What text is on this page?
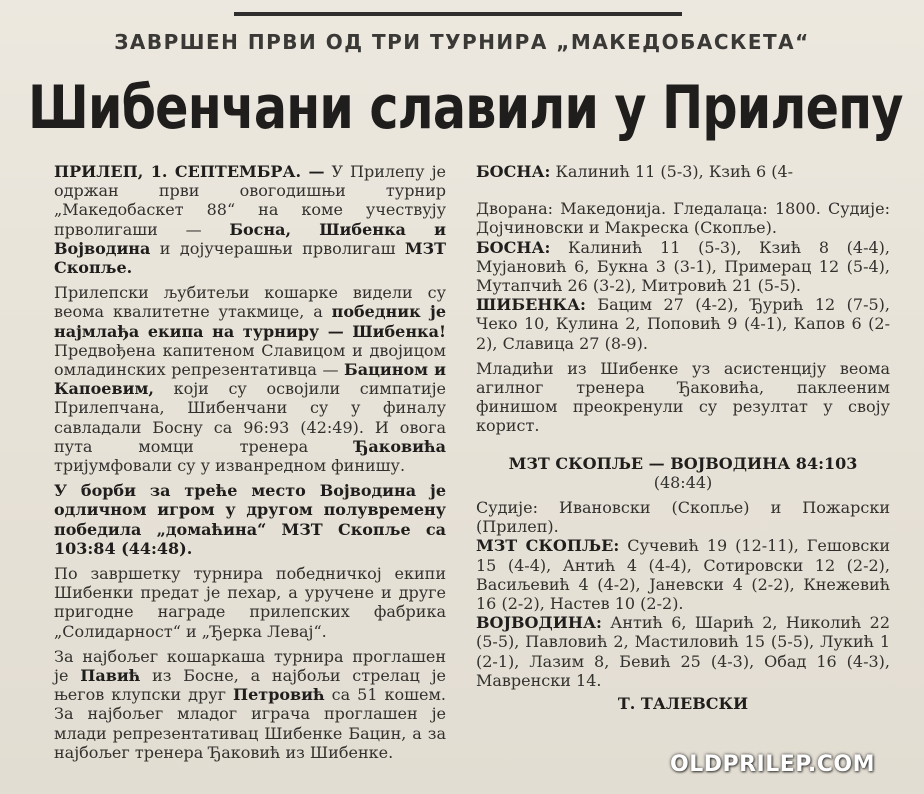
ЗАВРШЕН ПРВИ ОД ТРИ ТУРНИРА „МАКЕДОБАСКЕТА“
Шибенчани славили у Прилепу

ПРИЛЕП, 1. СЕПТЕМБРА. — У Прилепу је одржан први овогодишњи турнир „Македобаскет 88“ на коме учествују прволигаши — Босна, Шибенка и Војводина и дојучерашњи прволигаш МЗТ Скопље.

Прилепски љубитељи кошарке видели су веома квалитетне утакмице, а победник је најмлађа екипа на турниру — Шибенка! Предвођена капитеном Славицом и двојицом омладинских репрезентативца — Бацином и Капоевим, који су освојили симпатије Прилепчана, Шибенчани су у финалу савладали Босну са 96:93 (42:49). И овога пута момци тренера Ђаковића тријумфовали су у изванредном финишу.

У борби за треће место Војводина је одличном игром у другом полувремену победила „домаћина“ МЗТ Скопље са 103:84 (44:48).

По завршетку турнира победничкој екипи Шибенки предат је пехар, а уручене и друге пригодне награде прилепских фабрика „Солидарност“ и „Ђерка Левај“.

За најбољег кошаркаша турнира проглашен је Павић из Босне, а најбољи стрелац је његов клупски друг Петровић са 51 кошем. За најбољег младог играча проглашен је млади репрезентативац Шибенке Бацин, а за најбољег тренера Ђаковић из Шибенке.

БОСНА: Калинић 11 (5-3), Кзић 6 (4-

Дворана: Македонија. Гледалаца: 1800. Судије: Дојчиновски и Макреска (Скопље).

БОСНА: Калинић 11 (5-3), Кзић 8 (4-4), Мујановић 6, Букна 3 (3-1), Примерац 12 (5-4), Мутапчић 26 (3-2), Митровић 21 (5-5).

ШИБЕНКА: Бацим 27 (4-2), Ђурић 12 (7-5), Чеко 10, Кулина 2, Поповић 9 (4-1), Капов 6 (2-2), Славица 27 (8-9).

Младићи из Шибенке уз асистенцију веома агилног тренера Ђаковића, паклееним финишом преокренули су резултат у своју корист.

МЗТ СКОПЉЕ — ВОЈВОДИНА 84:103

(48:44)

Судије: Ивановски (Скопље) и Пожарски (Прилеп).

МЗТ СКОПЉЕ: Сучевић 19 (12-11), Гешовски 15 (4-4), Антић 4 (4-4), Сотировски 12 (2-2), Васиљевић 4 (4-2), Јаневски 4 (2-2), Кнежевић 16 (2-2), Настев 10 (2-2).

ВОЈВОДИНА: Антић 6, Шарић 2, Николић 22 (5-5), Павловић 2, Мастиловић 15 (5-5), Лукић 1 (2-1), Лазим 8, Бевић 25 (4-3), Обад 16 (4-3), Мавренски 14.

Т. ТАЛЕВСКИ

OLDPRILEP.COM
